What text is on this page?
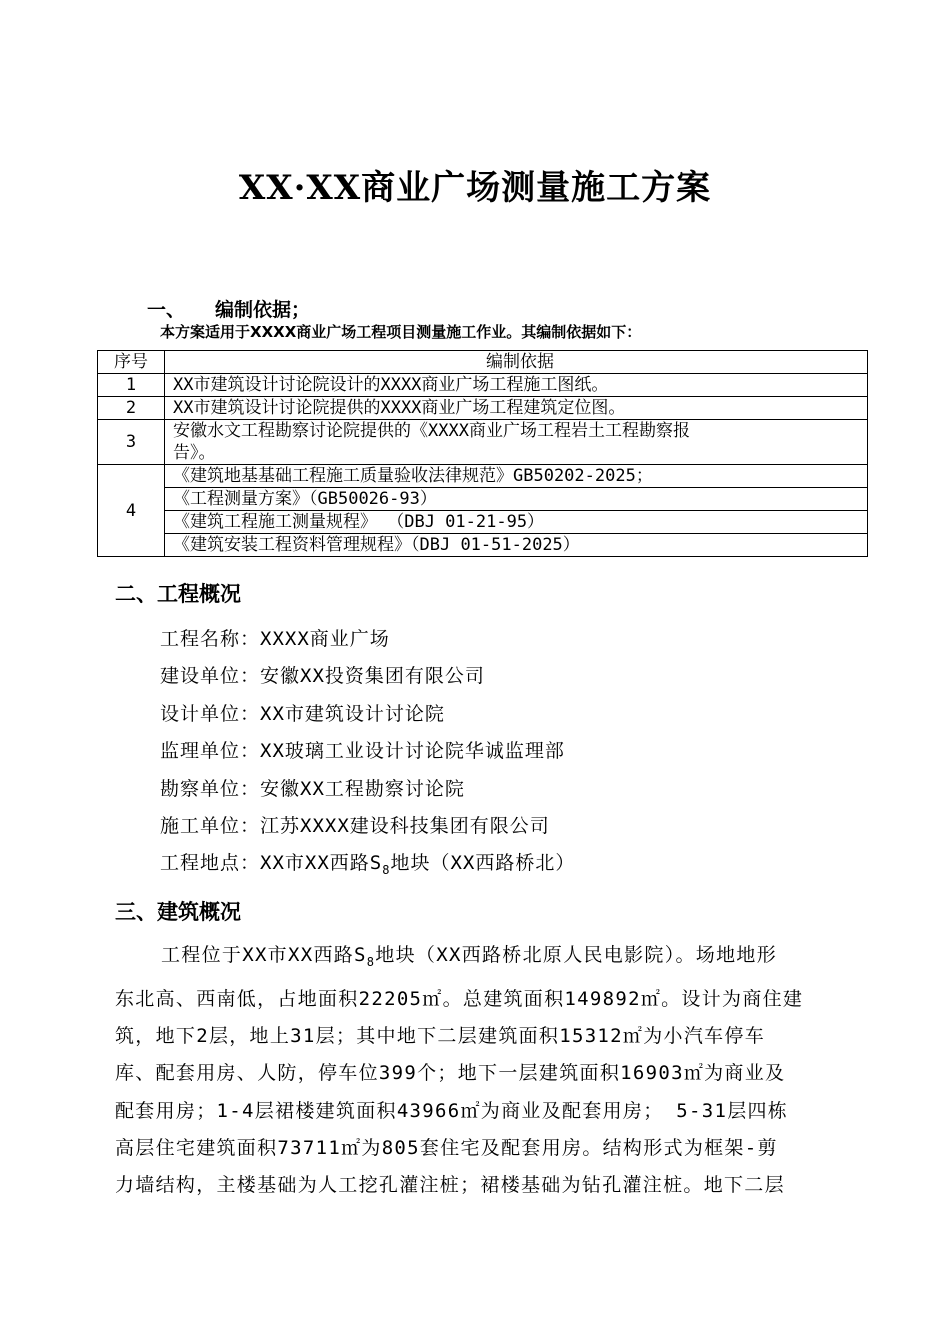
XX·XX商业广场测量施工方案
一、 编制依据；
本方案适用于XXXX商业广场工程项目测量施工作业。其编制依据如下：
序号	编制依据
1	XX市建筑设计讨论院设计的XXXX商业广场工程施工图纸。
2	XX市建筑设计讨论院提供的XXXX商业广场工程建筑定位图。
3	安徽水文工程勘察讨论院提供的《XXXX商业广场工程岩土工程勘察报
告》。

4	《建筑地基基础工程施工质量验收法律规范》GB50202-2025；
	《工程测量方案》（GB50026-93）
	《建筑工程施工测量规程》 （DBJ 01-21-95）
	《建筑安装工程资料管理规程》（DBJ 01-51-2025）
二、工程概况
工程名称：XXXX商业广场
建设单位：安徽XX投资集团有限公司
设计单位：XX市建筑设计讨论院
监理单位：XX玻璃工业设计讨论院华诚监理部
勘察单位：安徽XX工程勘察讨论院
施工单位：江苏XXXX建设科技集团有限公司
工程地点：XX市XX西路$S_8$地块（XX西路桥北）
三、建筑概况
工程位于XX市XX西路$S_8$地块（XX西路桥北原人民电影院）。场地地形
东北高、西南低，占地面积22205㎡。总建筑面积149892㎡。设计为商住建
筑，地下2层，地上31层；其中地下二层建筑面积15312㎡为小汽车停车
库、配套用房、人防，停车位399个；地下一层建筑面积16903㎡为商业及
配套用房；1-4层裙楼建筑面积43966㎡为商业及配套用房； 5-31层四栋
高层住宅建筑面积73711㎡为805套住宅及配套用房。结构形式为框架-剪
力墙结构，主楼基础为人工挖孔灌注桩；裙楼基础为钻孔灌注桩。地下二层
